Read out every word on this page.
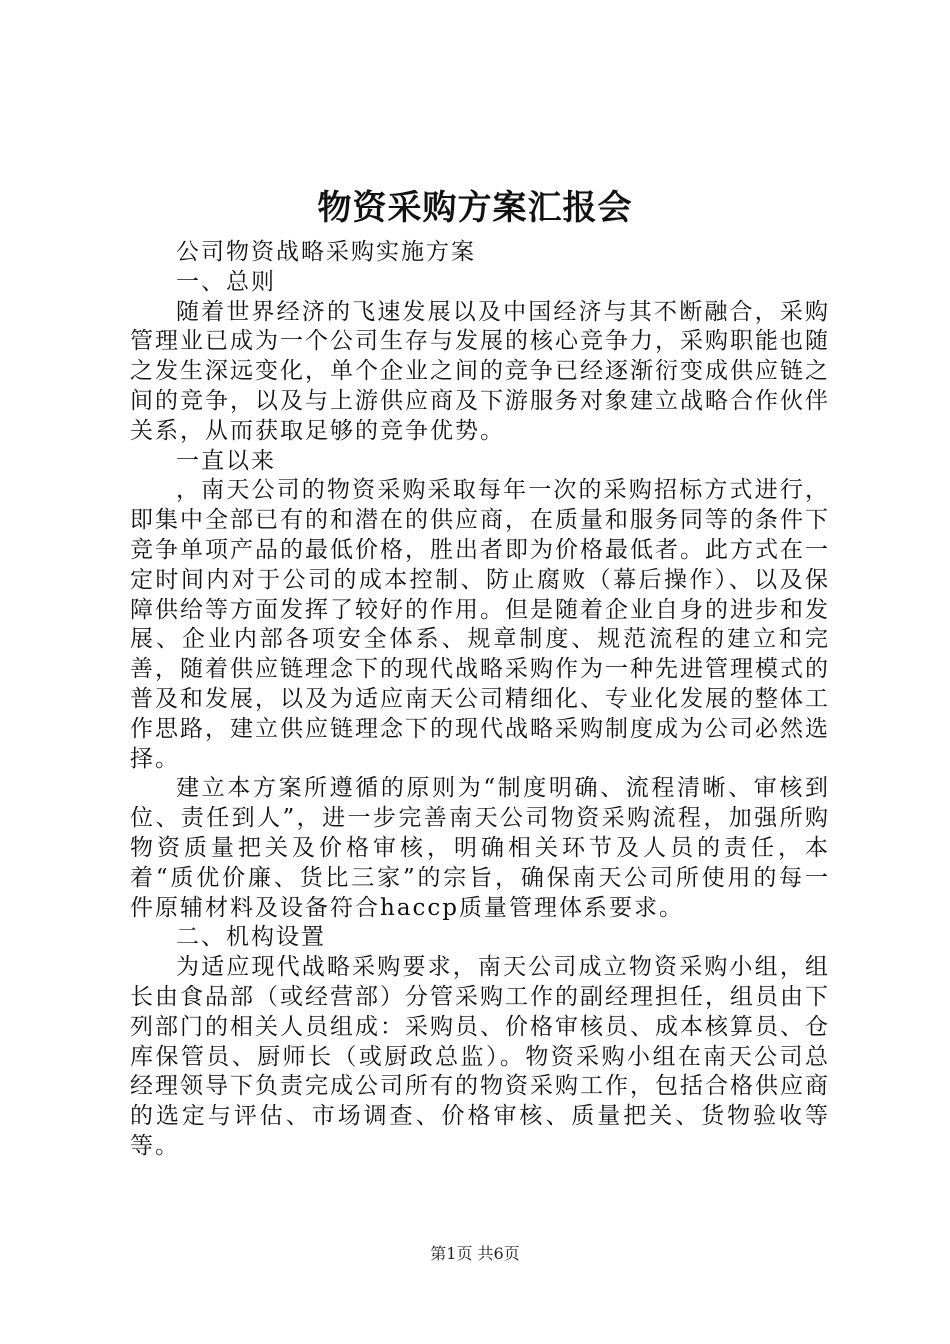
物资采购方案汇报会

公司物资战略采购实施方案

一、总则

随着世界经济的飞速发展以及中国经济与其不断融合，采购管理业已成为一个公司生存与发展的核心竞争力，采购职能也随之发生深远变化，单个企业之间的竞争已经逐渐衍变成供应链之间的竞争，以及与上游供应商及下游服务对象建立战略合作伙伴关系，从而获取足够的竞争优势。

一直以来

，南天公司的物资采购采取每年一次的采购招标方式进行，即集中全部已有的和潜在的供应商，在质量和服务同等的条件下竞争单项产品的最低价格，胜出者即为价格最低者。此方式在一定时间内对于公司的成本控制、防止腐败（幕后操作）、以及保障供给等方面发挥了较好的作用。但是随着企业自身的进步和发展、企业内部各项安全体系、规章制度、规范流程的建立和完善，随着供应链理念下的现代战略采购作为一种先进管理模式的普及和发展，以及为适应南天公司精细化、专业化发展的整体工作思路，建立供应链理念下的现代战略采购制度成为公司必然选择。

建立本方案所遵循的原则为“制度明确、流程清晰、审核到位、责任到人”，进一步完善南天公司物资采购流程，加强所购物资质量把关及价格审核，明确相关环节及人员的责任，本着“质优价廉、货比三家”的宗旨，确保南天公司所使用的每一件原辅材料及设备符合haccp质量管理体系要求。

二、机构设置

为适应现代战略采购要求，南天公司成立物资采购小组，组长由食品部（或经营部）分管采购工作的副经理担任，组员由下列部门的相关人员组成：采购员、价格审核员、成本核算员、仓库保管员、厨师长（或厨政总监）。物资采购小组在南天公司总经理领导下负责完成公司所有的物资采购工作，包括合格供应商的选定与评估、市场调查、价格审核、质量把关、货物验收等等。

第1页 共6页
